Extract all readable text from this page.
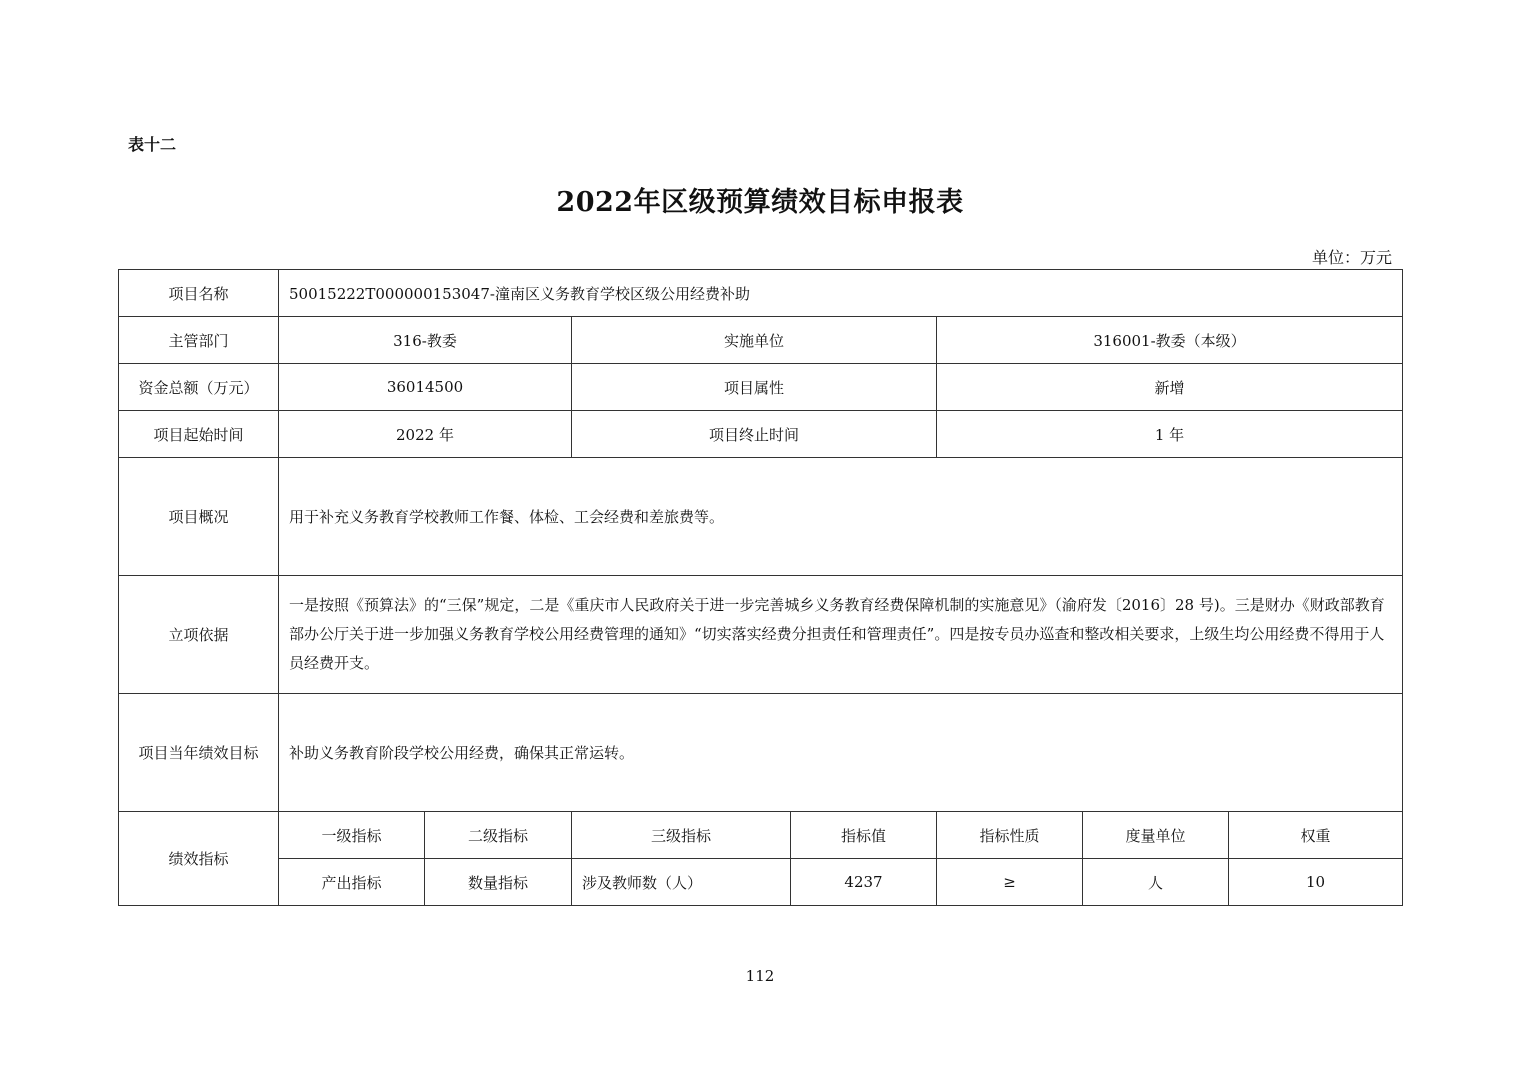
表十二
2022年区级预算绩效目标申报表
单位：万元
项目名称	50015222T000000153047-潼南区义务教育学校区级公用经费补助						
主管部门	316-教委		实施单位		316001-教委（本级）		
资金总额（万元）	36014500		项目属性		新增		
项目起始时间	2022 年		项目终止时间		1 年		
项目概况	用于补充义务教育学校教师工作餐、体检、工会经费和差旅费等。						
立项依据	一是按照《预算法》的“三保”规定，二是《重庆市人民政府关于进一步完善城乡义务教育经费保障机制的实施意见》（渝府发〔2016〕28 号)。三是财办《财政部教育部办公厅关于进一步加强义务教育学校公用经费管理的通知》“切实落实经费分担责任和管理责任”。四是按专员办巡查和整改相关要求，上级生均公用经费不得用于人员经费开支。						
项目当年绩效目标	补助义务教育阶段学校公用经费，确保其正常运转。						
绩效指标	一级指标	二级指标	三级指标	指标值	指标性质	度量单位	权重
	产出指标	数量指标	涉及教师数（人）	4237	≥	人	10
112
